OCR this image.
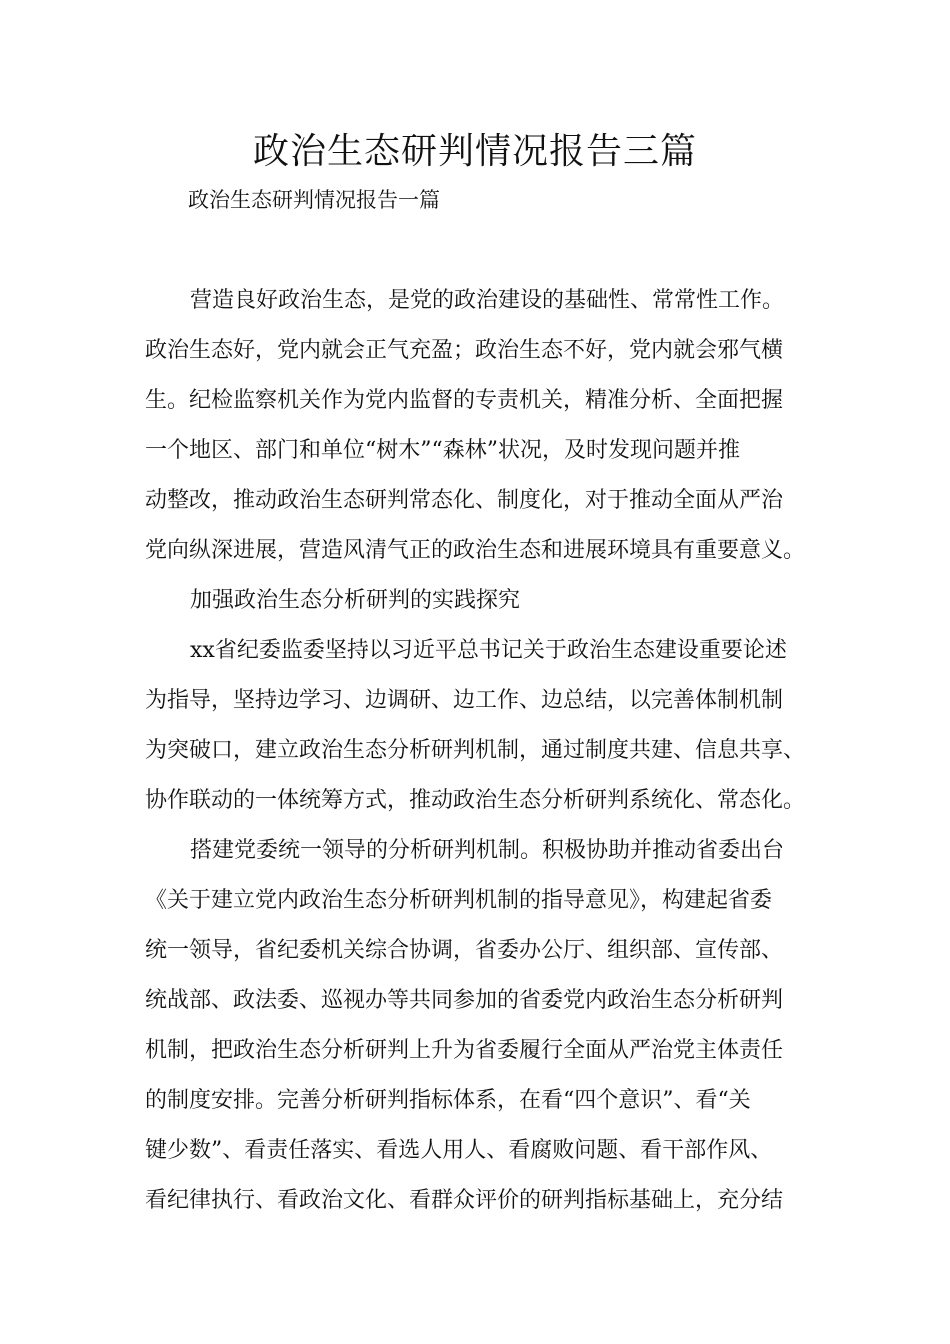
政治生态研判情况报告三篇

政治生态研判情况报告一篇

营造良好政治生态，是党的政治建设的基础性、常常性工作。

政治生态好，党内就会正气充盈；政治生态不好，党内就会邪气横

生。纪检监察机关作为党内监督的专责机关，精准分析、全面把握

一个地区、部门和单位“树木”“森林”状况，及时发现问题并推

动整改，推动政治生态研判常态化、制度化，对于推动全面从严治

党向纵深进展，营造风清气正的政治生态和进展环境具有重要意义。

加强政治生态分析研判的实践探究

xx省纪委监委坚持以习近平总书记关于政治生态建设重要论述

为指导，坚持边学习、边调研、边工作、边总结，以完善体制机制

为突破口，建立政治生态分析研判机制，通过制度共建、信息共享、

协作联动的一体统筹方式，推动政治生态分析研判系统化、常态化。

搭建党委统一领导的分析研判机制。积极协助并推动省委出台

《关于建立党内政治生态分析研判机制的指导意见》，构建起省委

统一领导，省纪委机关综合协调，省委办公厅、组织部、宣传部、

统战部、政法委、巡视办等共同参加的省委党内政治生态分析研判

机制，把政治生态分析研判上升为省委履行全面从严治党主体责任

的制度安排。完善分析研判指标体系，在看“四个意识”、看“关

键少数”、看责任落实、看选人用人、看腐败问题、看干部作风、

看纪律执行、看政治文化、看群众评价的研判指标基础上，充分结
